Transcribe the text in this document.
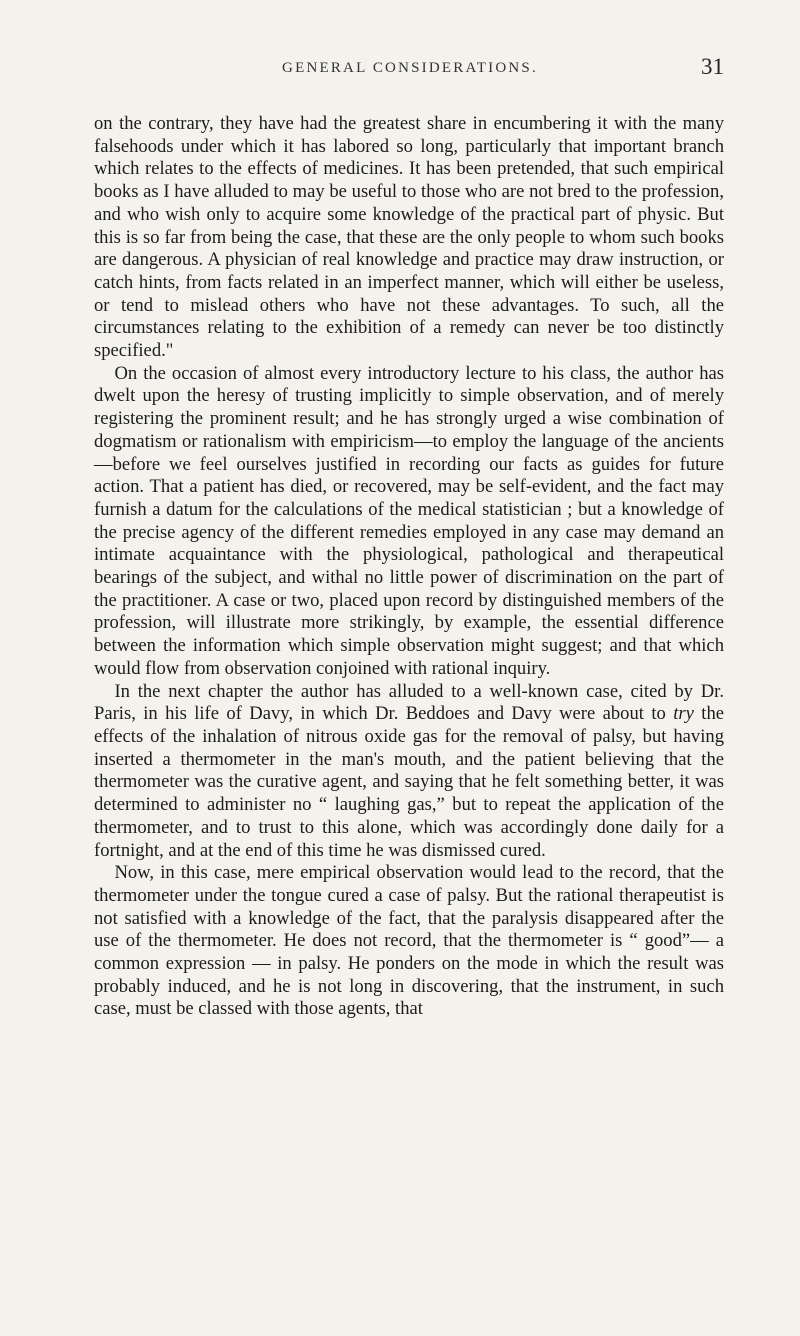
GENERAL CONSIDERATIONS.	31

on the contrary, they have had the greatest share in encumbering it with the many falsehoods under which it has labored so long, particularly that important branch which relates to the effects of medicines. It has been pretended, that such empirical books as I have alluded to may be useful to those who are not bred to the profession, and who wish only to acquire some knowledge of the practical part of physic. But this is so far from being the case, that these are the only people to whom such books are dangerous. A physician of real knowledge and practice may draw instruction, or catch hints, from facts related in an imperfect manner, which will either be useless, or tend to mislead others who have not these advantages. To such, all the circumstances relating to the exhibition of a remedy can never be too distinctly specified."

On the occasion of almost every introductory lecture to his class, the author has dwelt upon the heresy of trusting implicitly to simple observation, and of merely registering the prominent result; and he has strongly urged a wise combination of dogmatism or rationalism with empiricism—to employ the language of the ancients—before we feel ourselves justified in recording our facts as guides for future action. That a patient has died, or recovered, may be self-evident, and the fact may furnish a datum for the calculations of the medical statistician ; but a knowledge of the precise agency of the different remedies employed in any case may demand an intimate acquaintance with the physiological, pathological and therapeutical bearings of the subject, and withal no little power of discrimination on the part of the practitioner. A case or two, placed upon record by distinguished members of the profession, will illustrate more strikingly, by example, the essential difference between the information which simple observation might suggest; and that which would flow from observation conjoined with rational inquiry.

In the next chapter the author has alluded to a well-known case, cited by Dr. Paris, in his life of Davy, in which Dr. Beddoes and Davy were about to try the effects of the inhalation of nitrous oxide gas for the removal of palsy, but having inserted a thermometer in the man's mouth, and the patient believing that the thermometer was the curative agent, and saying that he felt something better, it was determined to administer no “ laughing gas,” but to repeat the application of the thermometer, and to trust to this alone, which was accordingly done daily for a fortnight, and at the end of this time he was dismissed cured.

Now, in this case, mere empirical observation would lead to the record, that the thermometer under the tongue cured a case of palsy. But the rational therapeutist is not satisfied with a knowledge of the fact, that the paralysis disappeared after the use of the thermometer. He does not record, that the thermometer is “ good”— a common expression — in palsy. He ponders on the mode in which the result was probably induced, and he is not long in discovering, that the instrument, in such case, must be classed with those agents, that
